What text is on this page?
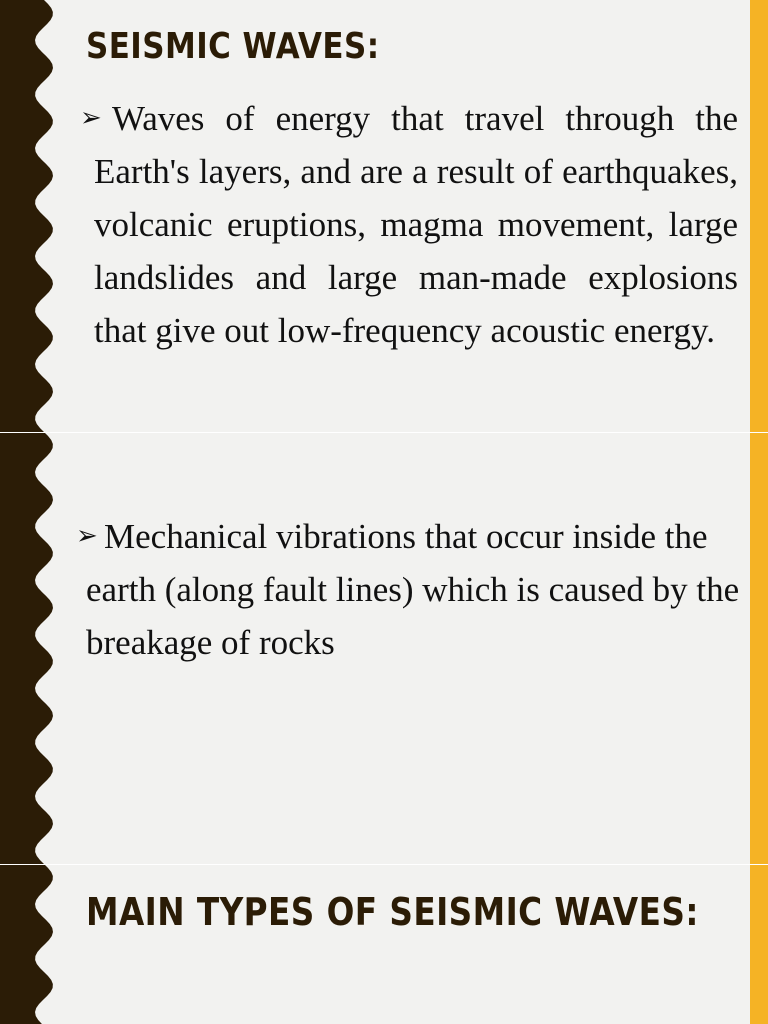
SEISMIC WAVES:
➢ Waves of energy that travel through the Earth's layers, and are a result of earthquakes, volcanic eruptions, magma movement, large landslides and large man-made explosions that give out low-frequency acoustic energy.

➢ Mechanical vibrations that occur inside the earth (along fault lines) which is caused by the breakage of rocks

MAIN TYPES OF SEISMIC WAVES:
